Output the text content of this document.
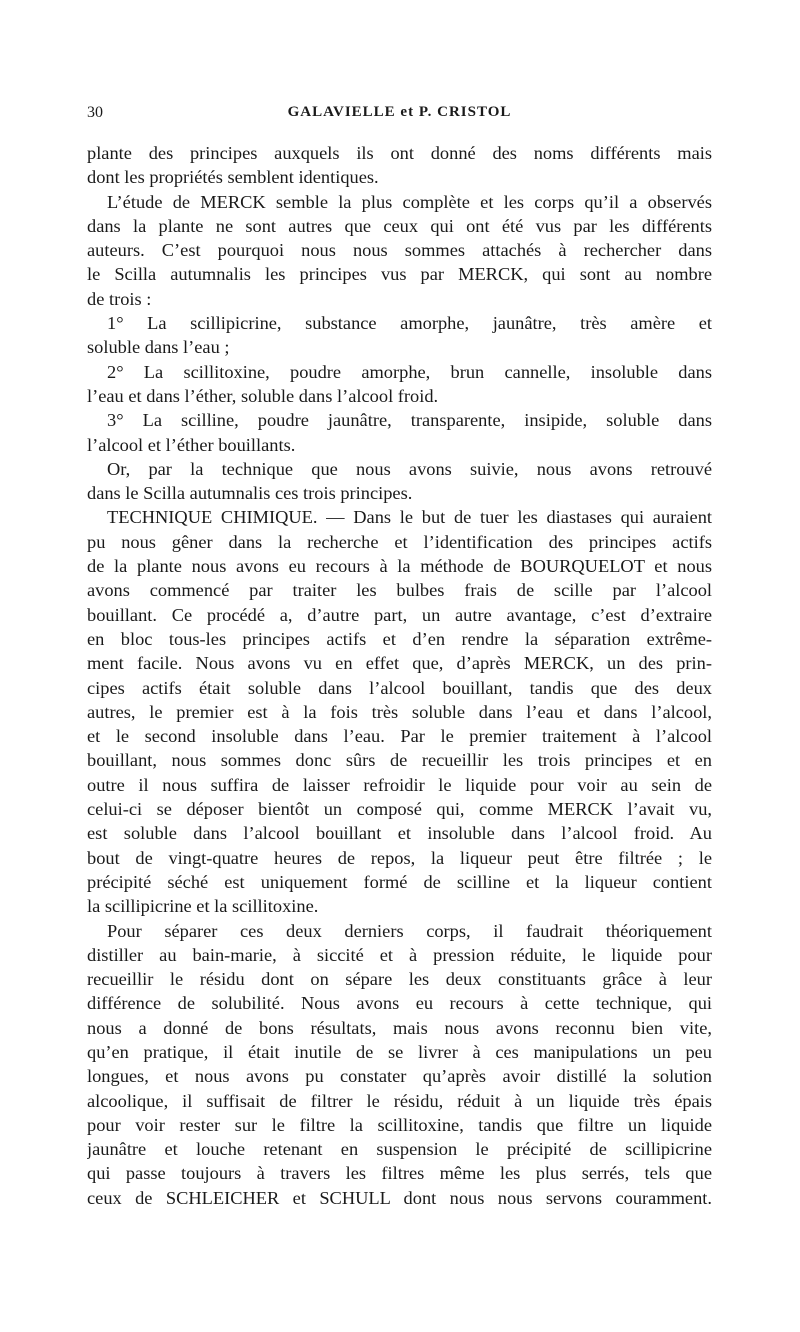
30	GALAVIELLE et P. CRISTOL
plante des principes auxquels ils ont donné des noms différents mais
dont les propriétés semblent identiques.
L’étude de MERCK semble la plus complète et les corps qu’il a observés
dans la plante ne sont autres que ceux qui ont été vus par les différents
auteurs. C’est pourquoi nous nous sommes attachés à rechercher dans
le Scilla autumnalis les principes vus par MERCK, qui sont au nombre
de trois :
1° La scillipicrine, substance amorphe, jaunâtre, très amère et
soluble dans l’eau ;
2° La scillitoxine, poudre amorphe, brun cannelle, insoluble dans
l’eau et dans l’éther, soluble dans l’alcool froid.
3° La scilline, poudre jaunâtre, transparente, insipide, soluble dans
l’alcool et l’éther bouillants.
Or, par la technique que nous avons suivie, nous avons retrouvé
dans le Scilla autumnalis ces trois principes.
TECHNIQUE CHIMIQUE. — Dans le but de tuer les diastases qui auraient
pu nous gêner dans la recherche et l’identification des principes actifs
de la plante nous avons eu recours à la méthode de BOURQUELOT et nous
avons commencé par traiter les bulbes frais de scille par l’alcool
bouillant. Ce procédé a, d’autre part, un autre avantage, c’est d’extraire
en bloc tous-les principes actifs et d’en rendre la séparation extrême-
ment facile. Nous avons vu en effet que, d’après MERCK, un des prin-
cipes actifs était soluble dans l’alcool bouillant, tandis que des deux
autres, le premier est à la fois très soluble dans l’eau et dans l’alcool,
et le second insoluble dans l’eau. Par le premier traitement à l’alcool
bouillant, nous sommes donc sûrs de recueillir les trois principes et en
outre il nous suffira de laisser refroidir le liquide pour voir au sein de
celui-ci se déposer bientôt un composé qui, comme MERCK l’avait vu,
est soluble dans l’alcool bouillant et insoluble dans l’alcool froid. Au
bout de vingt-quatre heures de repos, la liqueur peut être filtrée ; le
précipité séché est uniquement formé de scilline et la liqueur contient
la scillipicrine et la scillitoxine.
Pour séparer ces deux derniers corps, il faudrait théoriquement
distiller au bain-marie, à siccité et à pression réduite, le liquide pour
recueillir le résidu dont on sépare les deux constituants grâce à leur
différence de solubilité. Nous avons eu recours à cette technique, qui
nous a donné de bons résultats, mais nous avons reconnu bien vite,
qu’en pratique, il était inutile de se livrer à ces manipulations un peu
longues, et nous avons pu constater qu’après avoir distillé la solution
alcoolique, il suffisait de filtrer le résidu, réduit à un liquide très épais
pour voir rester sur le filtre la scillitoxine, tandis que filtre un liquide
jaunâtre et louche retenant en suspension le précipité de scillipicrine
qui passe toujours à travers les filtres même les plus serrés, tels que
ceux de SCHLEICHER et SCHULL dont nous nous servons couramment.
